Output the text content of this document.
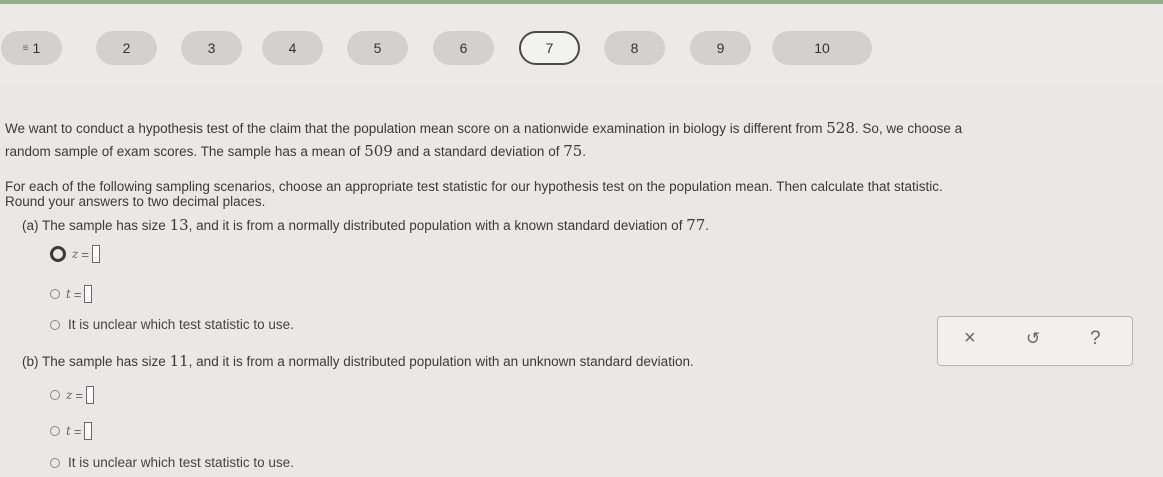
≡ 1	2	3	4	5	6	7	8	9	10
We want to conduct a hypothesis test of the claim that the population mean score on a nationwide examination in biology is different from 528. So, we choose a
random sample of exam scores. The sample has a mean of 509 and a standard deviation of 75.
For each of the following sampling scenarios, choose an appropriate test statistic for our hypothesis test on the population mean. Then calculate that statistic.
Round your answers to two decimal places.
(a) The sample has size 13, and it is from a normally distributed population with a known standard deviation of 77.
z =
t =
It is unclear which test statistic to use.
×	↺	?
(b) The sample has size 11, and it is from a normally distributed population with an unknown standard deviation.
z =
t =
It is unclear which test statistic to use.
